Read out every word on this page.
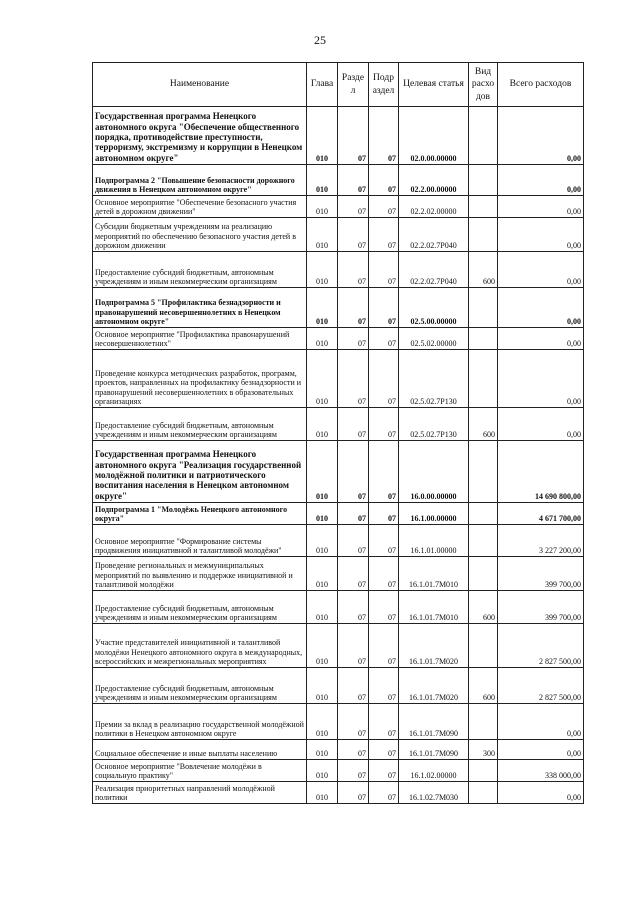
25
Наименование	Глава	Разде л	Подр аздел	Целевая статья	Вид расхо дов	Всего расходов
Государственная программа Ненецкого автономного округа "Обеспечение общественного порядка, противодействие преступности, терроризму, экстремизму и коррупции в Ненецком автономном округе"	010	07	07	02.0.00.00000		0,00
Подпрограмма 2 "Повышение безопасности дорожного движения в Ненецком автономном округе"	010	07	07	02.2.00.00000		0,00
Основное мероприятие "Обеспечение безопасного участия детей в дорожном движении"	010	07	07	02.2.02.00000		0,00
Субсидии бюджетным учреждениям на реализацию мероприятий по обеспечению безопасного участия детей в дорожном движении	010	07	07	02.2.02.7Р040		0,00
Предоставление субсидий бюджетным, автономным учреждениям и иным некоммерческим организациям	010	07	07	02.2.02.7Р040	600	0,00
Подпрограмма 5 "Профилактика безнадзорности и правонарушений несовершеннолетних в Ненецком автономном округе"	010	07	07	02.5.00.00000		0,00
Основное мероприятие "Профилактика правонарушений несовершеннолетних"	010	07	07	02.5.02.00000		0,00
Проведение конкурса методических разработок, программ, проектов, направленных на профилактику безнадзорности и правонарушений несовершеннолетних в образовательных организациях	010	07	07	02.5.02.7Р130		0,00
Предоставление субсидий бюджетным, автономным учреждениям и иным некоммерческим организациям	010	07	07	02.5.02.7Р130	600	0,00
Государственная программа Ненецкого автономного округа "Реализация государственной молодёжной политики и патриотического воспитания населения в Ненецком автономном округе"	010	07	07	16.0.00.00000		14 690 800,00
Подпрограмма 1 "Молодёжь Ненецкого автономного округа"	010	07	07	16.1.00.00000		4 671 700,00
Основное мероприятие "Формирование системы продвижения инициативной и талантливой молодёжи"	010	07	07	16.1.01.00000		3 227 200,00
Проведение региональных и межмуниципальных мероприятий по выявлению и поддержке инициативной и талантливой молодёжи	010	07	07	16.1.01.7М010		399 700,00
Предоставление субсидий бюджетным, автономным учреждениям и иным некоммерческим организациям	010	07	07	16.1.01.7М010	600	399 700,00
Участие представителей инициативной и талантливой молодёжи Ненецкого автономного округа в международных, всероссийских и межрегиональных мероприятиях	010	07	07	16.1.01.7М020		2 827 500,00
Предоставление субсидий бюджетным, автономным учреждениям и иным некоммерческим организациям	010	07	07	16.1.01.7М020	600	2 827 500,00
Премии за вклад в реализацию государственной молодёжной политики в Ненецком автономном округе	010	07	07	16.1.01.7М090		0,00
Социальное обеспечение и иные выплаты населению	010	07	07	16.1.01.7М090	300	0,00
Основное мероприятие "Вовлечение молодёжи в социальную практику"	010	07	07	16.1.02.00000		338 000,00
Реализация приоритетных направлений молодёжной политики	010	07	07	16.1.02.7М030		0,00
